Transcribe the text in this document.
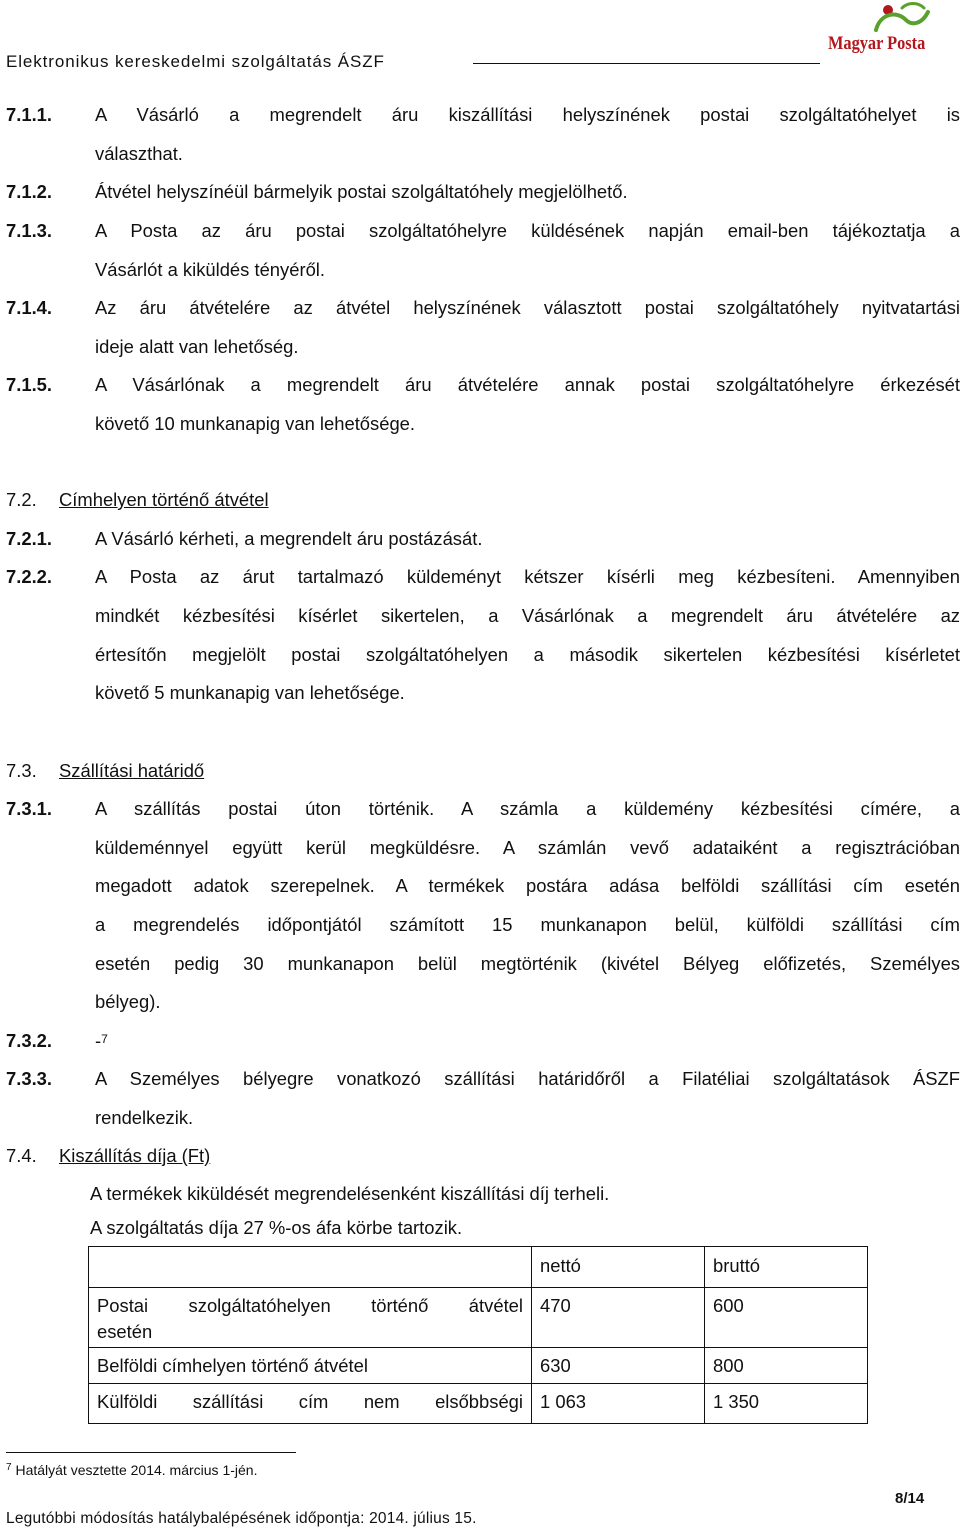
Elektronikus kereskedelmi szolgáltatás ÁSZF
Magyar Posta
7.1.1. A Vásárló a megrendelt áru kiszállítási helyszínének postai szolgáltatóhelyet is
választhat.
7.1.2. Átvétel helyszínéül bármelyik postai szolgáltatóhely megjelölhető.
7.1.3. A Posta az áru postai szolgáltatóhelyre küldésének napján email-ben tájékoztatja a
Vásárlót a kiküldés tényéről.
7.1.4. Az áru átvételére az átvétel helyszínének választott postai szolgáltatóhely nyitvatartási
ideje alatt van lehetőség.
7.1.5. A Vásárlónak a megrendelt áru átvételére annak postai szolgáltatóhelyre érkezését
követő 10 munkanapig van lehetősége.
7.2. Címhelyen történő átvétel
7.2.1. A Vásárló kérheti, a megrendelt áru postázását.
7.2.2. A Posta az árut tartalmazó küldeményt kétszer kísérli meg kézbesíteni. Amennyiben
mindkét kézbesítési kísérlet sikertelen, a Vásárlónak a megrendelt áru átvételére az
értesítőn megjelölt postai szolgáltatóhelyen a második sikertelen kézbesítési kísérletet
követő 5 munkanapig van lehetősége.
7.3. Szállítási határidő
7.3.1. A szállítás postai úton történik. A számla a küldemény kézbesítési címére, a
küldeménnyel együtt kerül megküldésre. A számlán vevő adataiként a regisztrációban
megadott adatok szerepelnek. A termékek postára adása belföldi szállítási cím esetén
a megrendelés időpontjától számított 15 munkanapon belül, külföldi szállítási cím
esetén pedig 30 munkanapon belül megtörténik (kivétel Bélyeg előfizetés, Személyes
bélyeg).
7.3.2. -$^7$
7.3.3. A Személyes bélyegre vonatkozó szállítási határidőről a Filatéliai szolgáltatások ÁSZF
rendelkezik.
7.4. Kiszállítás díja (Ft)
A termékek kiküldését megrendelésenként kiszállítási díj terheli.
A szolgáltatás díja 27 %-os áfa körbe tartozik.
	nettó	bruttó

Postai szolgáltatóhelyen történő átvétel
esetén	470	600
Belföldi címhelyen történő átvétel	630	800

Külföldi szállítási cím nem elsőbbségi	1 063	1 350
$^7$ Hatályát vesztette 2014. március 1-jén.
8/14
Legutóbbi módosítás hatálybalépésének időpontja: 2014. július 15.
